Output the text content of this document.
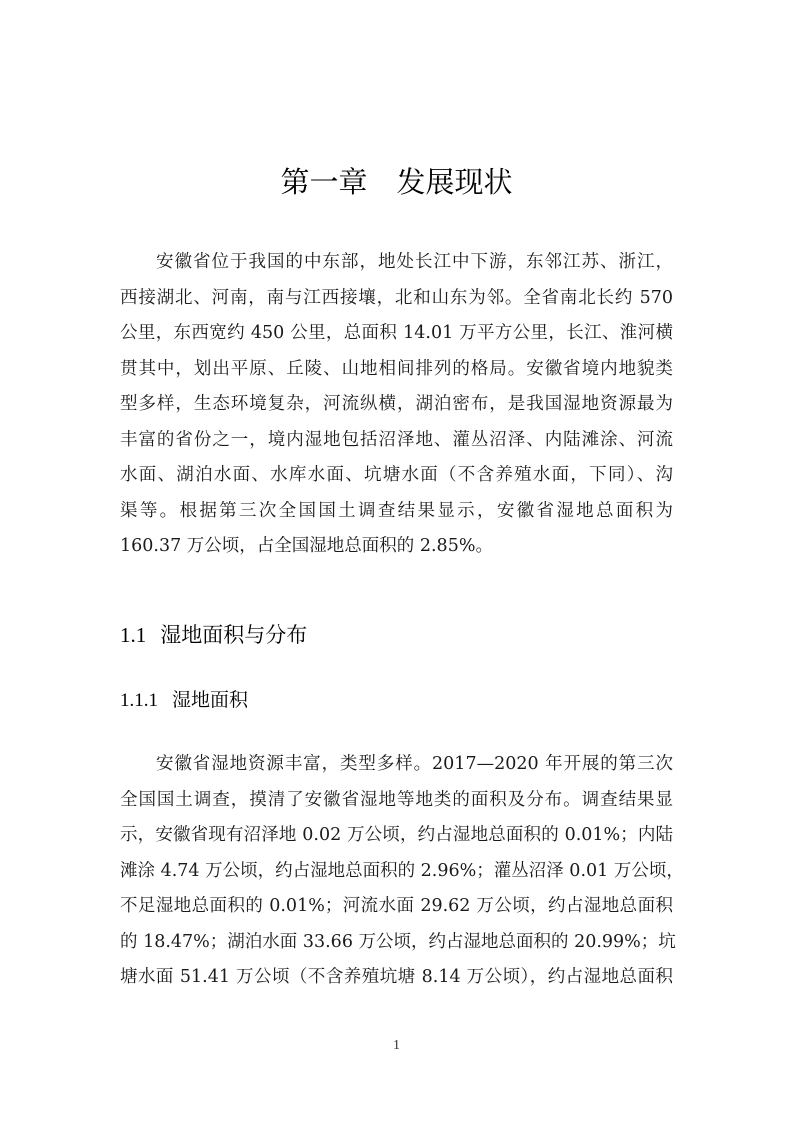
第一章　发展现状
安徽省位于我国的中东部，地处长江中下游，东邻江苏、浙江，
西接湖北、河南，南与江西接壤，北和山东为邻。全省南北长约 570
公里，东西宽约 450 公里，总面积 14.01 万平方公里，长江、淮河横
贯其中，划出平原、丘陵、山地相间排列的格局。安徽省境内地貌类
型多样，生态环境复杂，河流纵横，湖泊密布，是我国湿地资源最为
丰富的省份之一，境内湿地包括沼泽地、灌丛沼泽、内陆滩涂、河流
水面、湖泊水面、水库水面、坑塘水面（不含养殖水面，下同）、沟
渠等。根据第三次全国国土调查结果显示，安徽省湿地总面积为
160.37 万公顷，占全国湿地总面积的 2.85%。
1.1 湿地面积与分布
1.1.1 湿地面积
安徽省湿地资源丰富，类型多样。2017—2020 年开展的第三次
全国国土调查，摸清了安徽省湿地等地类的面积及分布。调查结果显
示，安徽省现有沼泽地 0.02 万公顷，约占湿地总面积的 0.01%；内陆
滩涂 4.74 万公顷，约占湿地总面积的 2.96%；灌丛沼泽 0.01 万公顷，
不足湿地总面积的 0.01%；河流水面 29.62 万公顷，约占湿地总面积
的 18.47%；湖泊水面 33.66 万公顷，约占湿地总面积的 20.99%；坑
塘水面 51.41 万公顷（不含养殖坑塘 8.14 万公顷），约占湿地总面积
1
